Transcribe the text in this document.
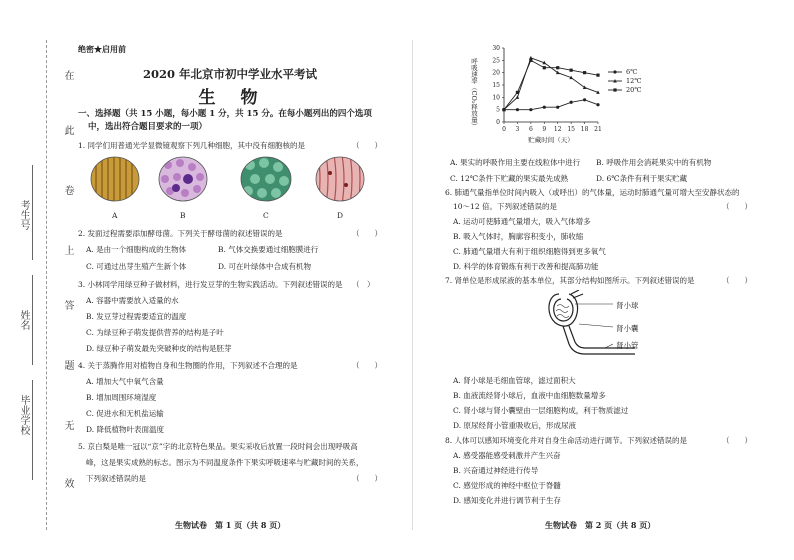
在
此
卷
上
答
题
无
效
考生号
姓名
毕业学校
绝密★启用前
2020 年北京市初中学业水平考试
生　物
一、选择题（共 15 小题，每小题 1 分，共 15 分。在每小题列出的四个选项
中，选出符合题目要求的一项）
1. 同学们用普通光学显微镜观察下列几种细胞，其中没有细胞核的是	（　　）
A	B	C	D
2. 发面过程需要添加酵母菌。下列关于酵母菌的叙述错误的是	（　　）
A. 是由一个细胞构成的生物体	B. 气体交换要通过细胞膜进行
C. 可通过出芽生殖产生新个体	D. 可在叶绿体中合成有机物
3. 小林同学用绿豆种子做材料，进行发豆芽的生物实践活动。下列叙述错误的是 （　）
A. 容器中需要放入适量的水
B. 发豆芽过程需要适宜的温度
C. 为绿豆种子萌发提供营养的结构是子叶
D. 绿豆种子萌发最先突破种皮的结构是胚芽
4. 关于蒸腾作用对植物自身和生物圈的作用，下列叙述不合理的是	（　　）
A. 增加大气中氧气含量
B. 增加周围环境湿度
C. 促进水和无机盐运输
D. 降低植物叶表面温度
5. 京白梨是唯一冠以“京”字的北京特色果品。果实采收后放置一段时间会出现呼吸高
峰，这是果实成熟的标志。图示为不同温度条件下果实呼吸速率与贮藏时间的关系，
下列叙述错误的是	（　　）
生物试卷　第 1 页（共 8 页）
0
5
10
15
20
25
30
0 3 6 9 12 15 18 21
贮藏时间（天）
6℃
12℃
20℃
呼吸速率（CO₂释放量）
A. 果实的呼吸作用主要在线粒体中进行 B. 呼吸作用会消耗果实中的有机物
C. 12℃条件下贮藏的果实最先成熟	D. 6℃条件有利于果实贮藏
6. 肺通气量指单位时间内吸入（或呼出）的气体量，运动时肺通气量可增大至安静状态的
10～12 倍。下列叙述错误的是	（　　）
A. 运动可使肺通气量增大，吸入气体增多
B. 吸入气体时，胸廓容积变小，肺收缩
C. 肺通气量增大有利于组织细胞得到更多氧气
D. 科学的体育锻炼有利于改善和提高肺功能
7. 肾单位是形成尿液的基本单位，其部分结构如图所示。下列叙述错误的是	（　　）
肾小球
肾小囊
肾小管
A. 肾小球是毛细血管球，滤过面积大
B. 血液流经肾小球后，血液中血细胞数量增多
C. 肾小球与肾小囊壁由一层细胞构成，利于物质滤过
D. 原尿经肾小管重吸收后，形成尿液
8. 人体可以感知环境变化并对自身生命活动进行调节。下列叙述错误的是	（　　）
A. 感受器能感受刺激并产生兴奋
B. 兴奋通过神经进行传导
C. 感觉形成的神经中枢位于脊髓
D. 感知变化并进行调节利于生存
生物试卷　第 2 页（共 8 页）
